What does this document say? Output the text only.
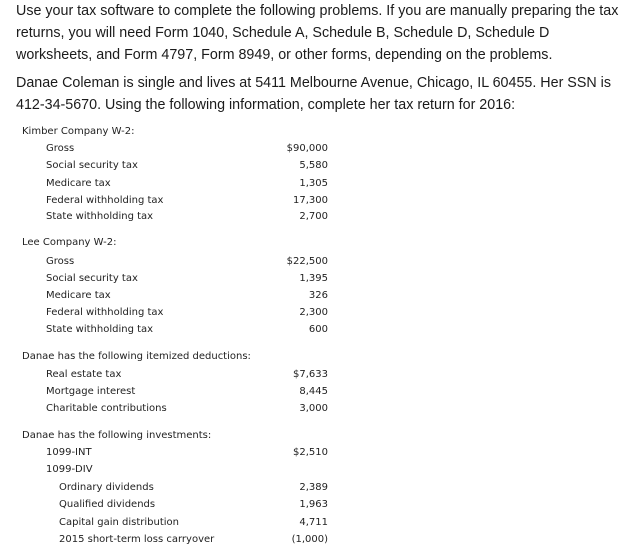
Use your tax software to complete the following problems. If you are manually preparing the tax returns, you will need Form 1040, Schedule A, Schedule B, Schedule D, Schedule D worksheets, and Form 4797, Form 8949, or other forms, depending on the problems.
Danae Coleman is single and lives at 5411 Melbourne Avenue, Chicago, IL 60455. Her SSN is 412-34-5670. Using the following information, complete her tax return for 2016:
Kimber Company W-2:
Gross	$90,000
Social security tax	5,580
Medicare tax	1,305
Federal withholding tax	17,300
State withholding tax	2,700
Lee Company W-2:
Gross	$22,500
Social security tax	1,395
Medicare tax	326
Federal withholding tax	2,300
State withholding tax	600
Danae has the following itemized deductions:
Real estate tax	$7,633
Mortgage interest	8,445
Charitable contributions	3,000
Danae has the following investments:
1099-INT	$2,510
1099-DIV
Ordinary dividends	2,389
Qualified dividends	1,963
Capital gain distribution	4,711
2015 short-term loss carryover	(1,000)
